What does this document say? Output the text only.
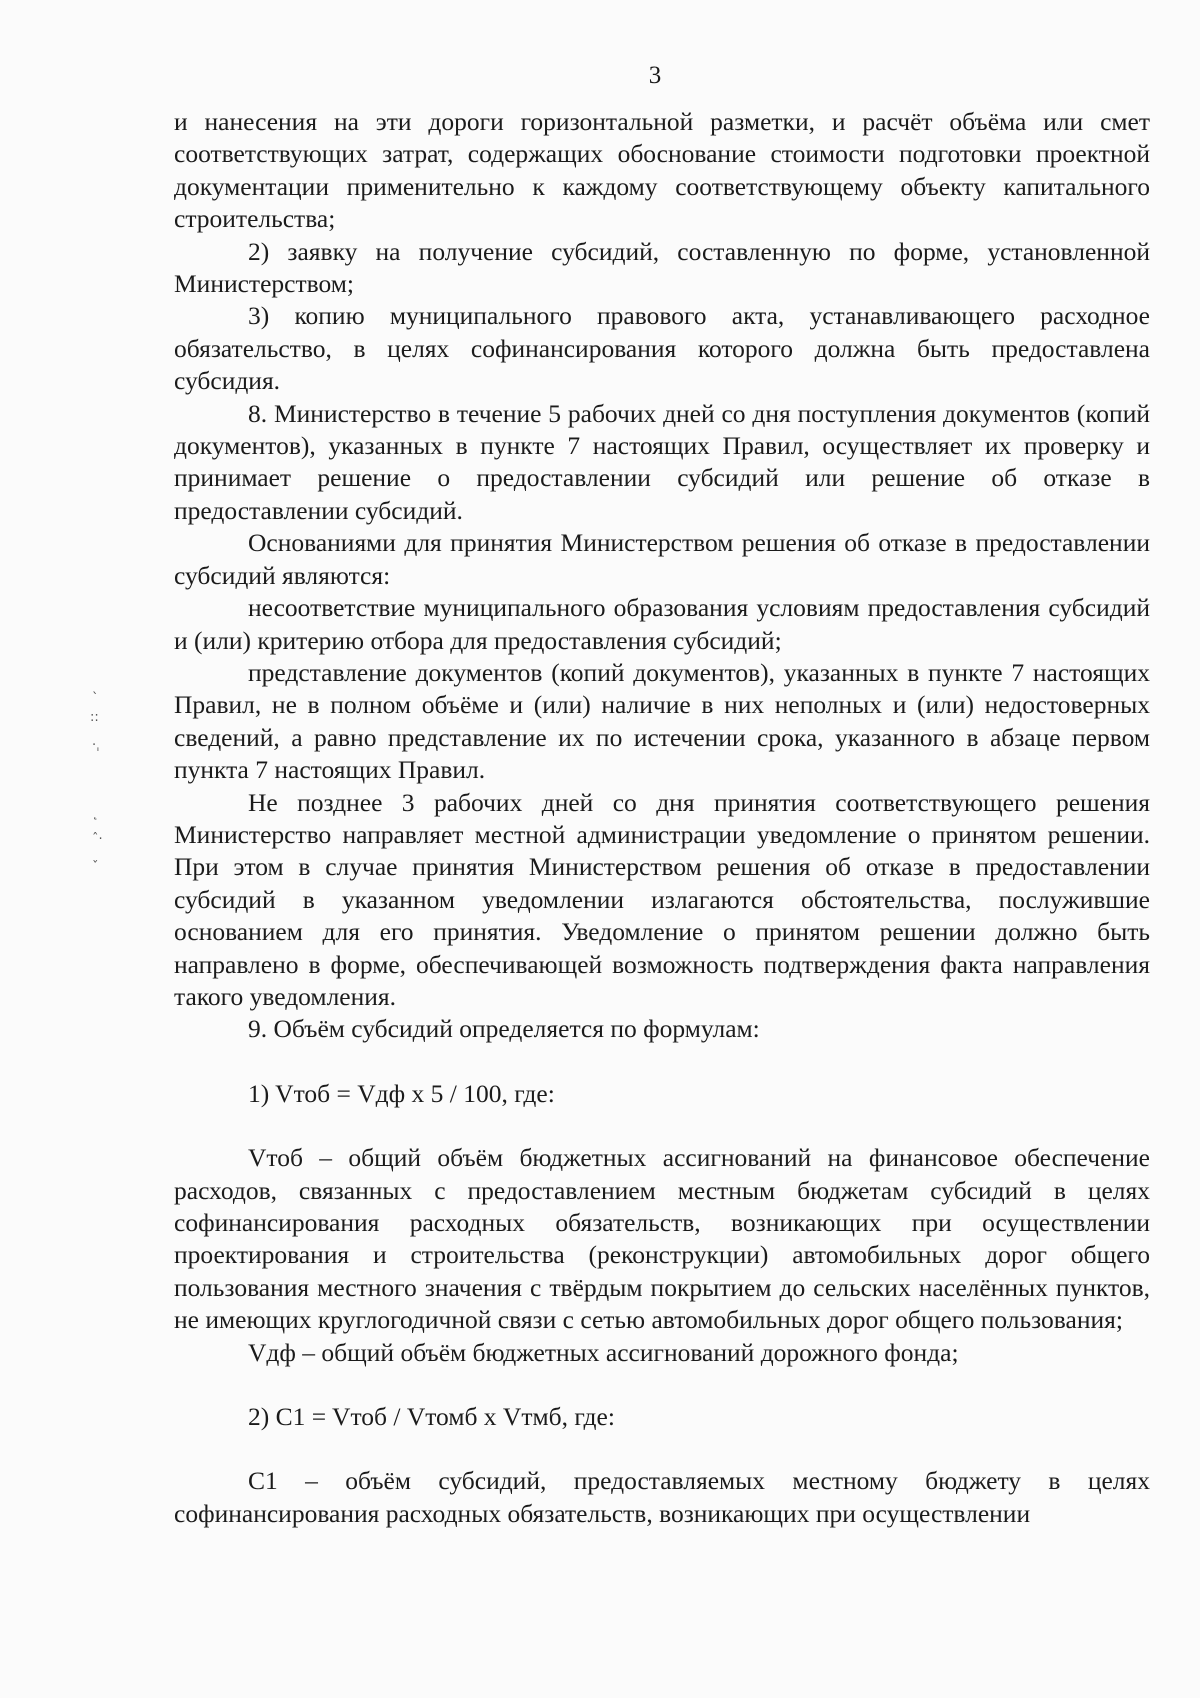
3

и нанесения на эти дороги горизонтальной разметки, и расчёт объёма или смет соответствующих затрат, содержащих обоснование стоимости подготовки проектной документации применительно к каждому соответствующему объекту капитального строительства;

2) заявку на получение субсидий, составленную по форме, установленной Министерством;

3) копию муниципального правового акта, устанавливающего расходное обязательство, в целях софинансирования которого должна быть предоставлена субсидия.

8. Министерство в течение 5 рабочих дней со дня поступления документов (копий документов), указанных в пункте 7 настоящих Правил, осуществляет их проверку и принимает решение о предоставлении субсидий или решение об отказе в предоставлении субсидий.

Основаниями для принятия Министерством решения об отказе в предоставлении субсидий являются:

несоответствие муниципального образования условиям предоставления субсидий и (или) критерию отбора для предоставления субсидий;

представление документов (копий документов), указанных в пункте 7 настоящих Правил, не в полном объёме и (или) наличие в них неполных и (или) недостоверных сведений, а равно представление их по истечении срока, указанного в абзаце первом пункта 7 настоящих Правил.

Не позднее 3 рабочих дней со дня принятия соответствующего решения Министерство направляет местной администрации уведомление о принятом решении. При этом в случае принятия Министерством решения об отказе в предоставлении субсидий в указанном уведомлении излагаются обстоятельства, послужившие основанием для его принятия. Уведомление о принятом решении должно быть направлено в форме, обеспечивающей возможность подтверждения факта направления такого уведомления.

9. Объём субсидий определяется по формулам:

1) Vтоб = Vдф х 5 / 100, где:

Vтоб – общий объём бюджетных ассигнований на финансовое обеспечение расходов, связанных с предоставлением местным бюджетам субсидий в целях софинансирования расходных обязательств, возникающих при осуществлении проектирования и строительства (реконструкции) автомобильных дорог общего пользования местного значения с твёрдым покрытием до сельских населённых пунктов, не имеющих круглогодичной связи с сетью автомобильных дорог общего пользования;

Vдф – общий объём бюджетных ассигнований дорожного фонда;

2) C1 = Vтоб / Vтомб х Vтмб, где:

C1 – объём субсидий, предоставляемых местному бюджету в целях софинансирования расходных обязательств, возникающих при осуществлении

ˎ
::
·ˌ
˛
ˆ·
ˇ
